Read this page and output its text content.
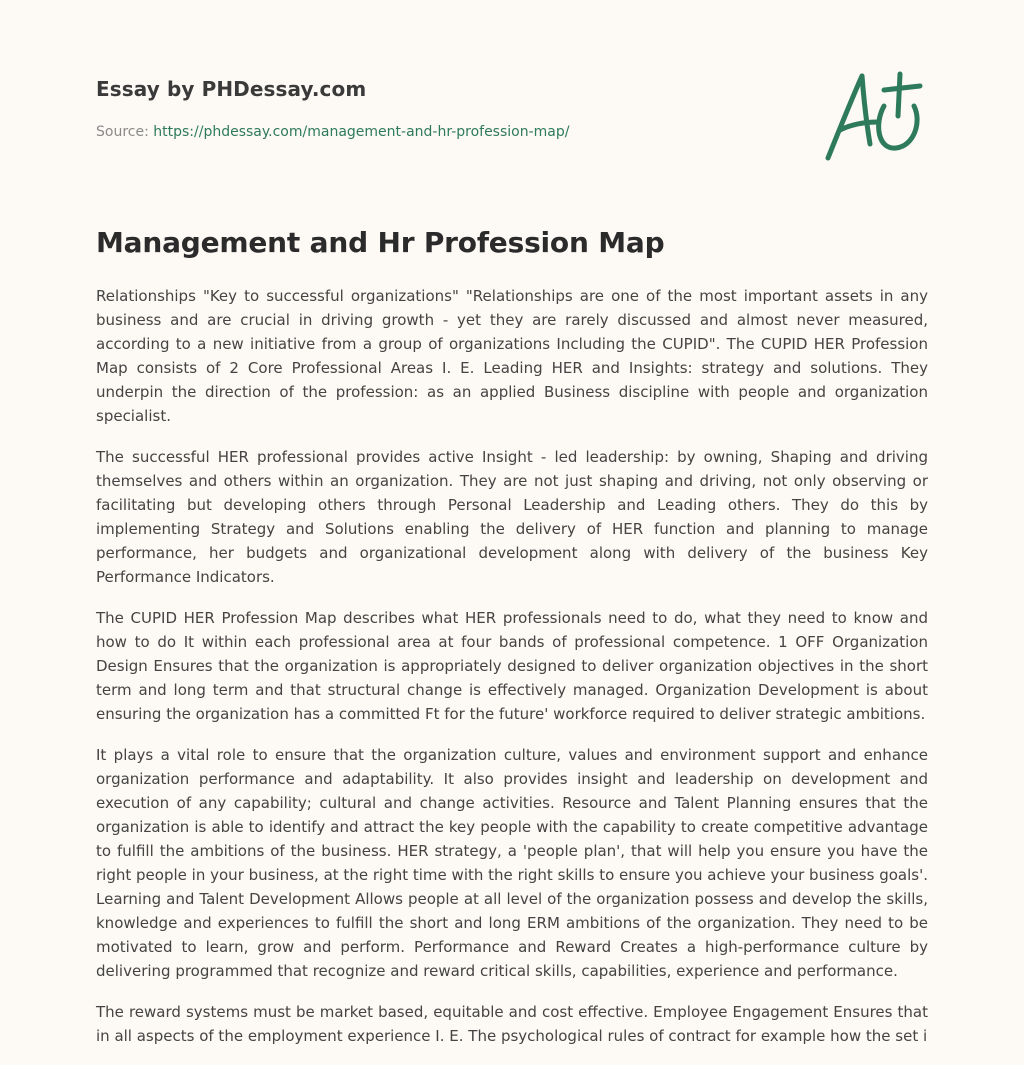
Essay by PHDessay.com
Source: https://phdessay.com/management-and-hr-profession-map/
Management and Hr Profession Map

Relationships "Key to successful organizations" "Relationships are one of the most important assets in any business and are crucial in driving growth - yet they are rarely discussed and almost never measured, according to a new initiative from a group of organizations Including the CUPID". The CUPID HER Profession Map consists of 2 Core Professional Areas I. E. Leading HER and Insights: strategy and solutions. They underpin the direction of the profession: as an applied Business discipline with people and organization specialist.

The successful HER professional provides active Insight - led leadership: by owning, Shaping and driving themselves and others within an organization. They are not just shaping and driving, not only observing or facilitating but developing others through Personal Leadership and Leading others. They do this by implementing Strategy and Solutions enabling the delivery of HER function and planning to manage performance, her budgets and organizational development along with delivery of the business Key Performance Indicators.

The CUPID HER Profession Map describes what HER professionals need to do, what they need to know and how to do It within each professional area at four bands of professional competence. 1 OFF Organization Design Ensures that the organization is appropriately designed to deliver organization objectives in the short term and long term and that structural change is effectively managed. Organization Development is about ensuring the organization has a committed Ft for the future' workforce required to deliver strategic ambitions.

It plays a vital role to ensure that the organization culture, values and environment support and enhance organization performance and adaptability. It also provides insight and leadership on development and execution of any capability; cultural and change activities. Resource and Talent Planning ensures that the organization is able to identify and attract the key people with the capability to create competitive advantage to fulfill the ambitions of the business. HER strategy, a 'people plan', that will help you ensure you have the right people in your business, at the right time with the right skills to ensure you achieve your business goals'. Learning and Talent Development Allows people at all level of the organization possess and develop the skills, knowledge and experiences to fulfill the short and long ERM ambitions of the organization. They need to be motivated to learn, grow and perform. Performance and Reward Creates a high-performance culture by delivering programmed that recognize and reward critical skills, capabilities, experience and performance.

The reward systems must be market based, equitable and cost effective. Employee Engagement Ensures that in all aspects of the employment experience I. E. The psychological rules of contract for example how the set i
